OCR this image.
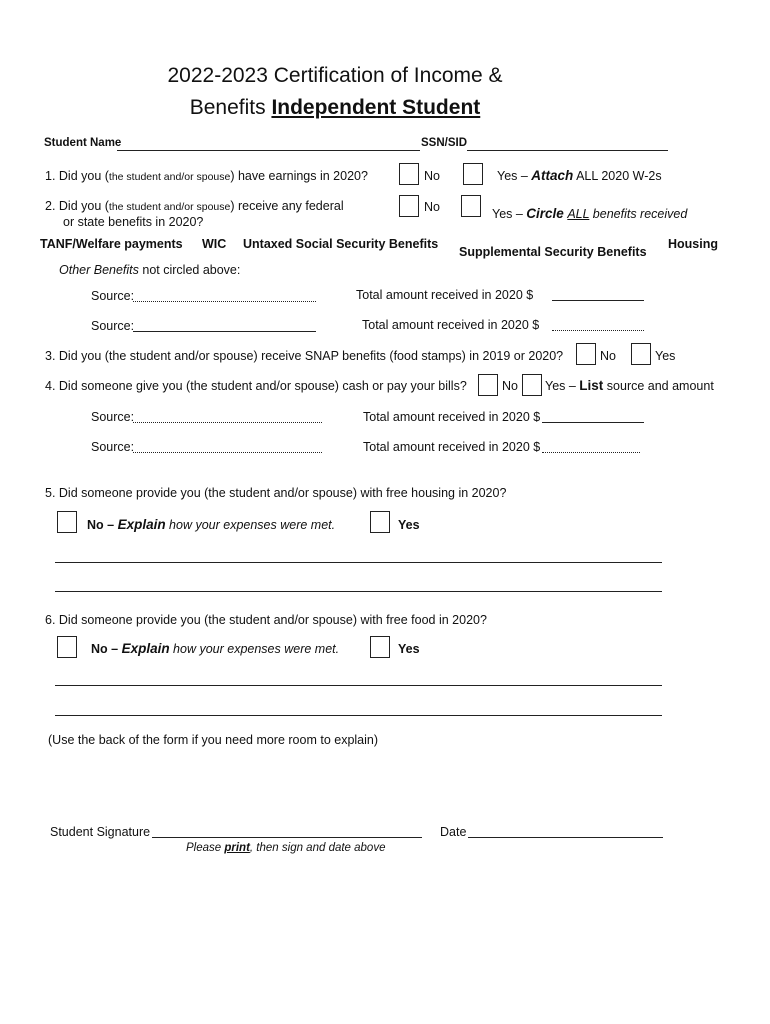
2022-2023 Certification of Income &
Benefits Independent Student
Student Name	SSN/SID
1. Did you (the student and/or spouse) have earnings in 2020?	No	Yes – Attach ALL 2020 W-2s
2. Did you (the student and/or spouse) receive any federal
or state benefits in 2020?
No	Yes – Circle ALL benefits received
TANF/Welfare payments WIC Untaxed Social Security Benefits
Supplemental Security Benefits
Housing
Other Benefits not circled above:
Source:	Total amount received in 2020 $
Source:	Total amount received in 2020 $
3. Did you (the student and/or spouse) receive SNAP benefits (food stamps) in 2019 or 2020?	No	Yes
4. Did someone give you (the student and/or spouse) cash or pay your bills?	No Yes – List source and amount
Source:	Total amount received in 2020 $
Source:	Total amount received in 2020 $
5. Did someone provide you (the student and/or spouse) with free housing in 2020?
No – Explain how your expenses were met.	Yes
6. Did someone provide you (the student and/or spouse) with free food in 2020?
No – Explain how your expenses were met.	Yes
(Use the back of the form if you need more room to explain)
Student Signature	Date
Please print, then sign and date above
